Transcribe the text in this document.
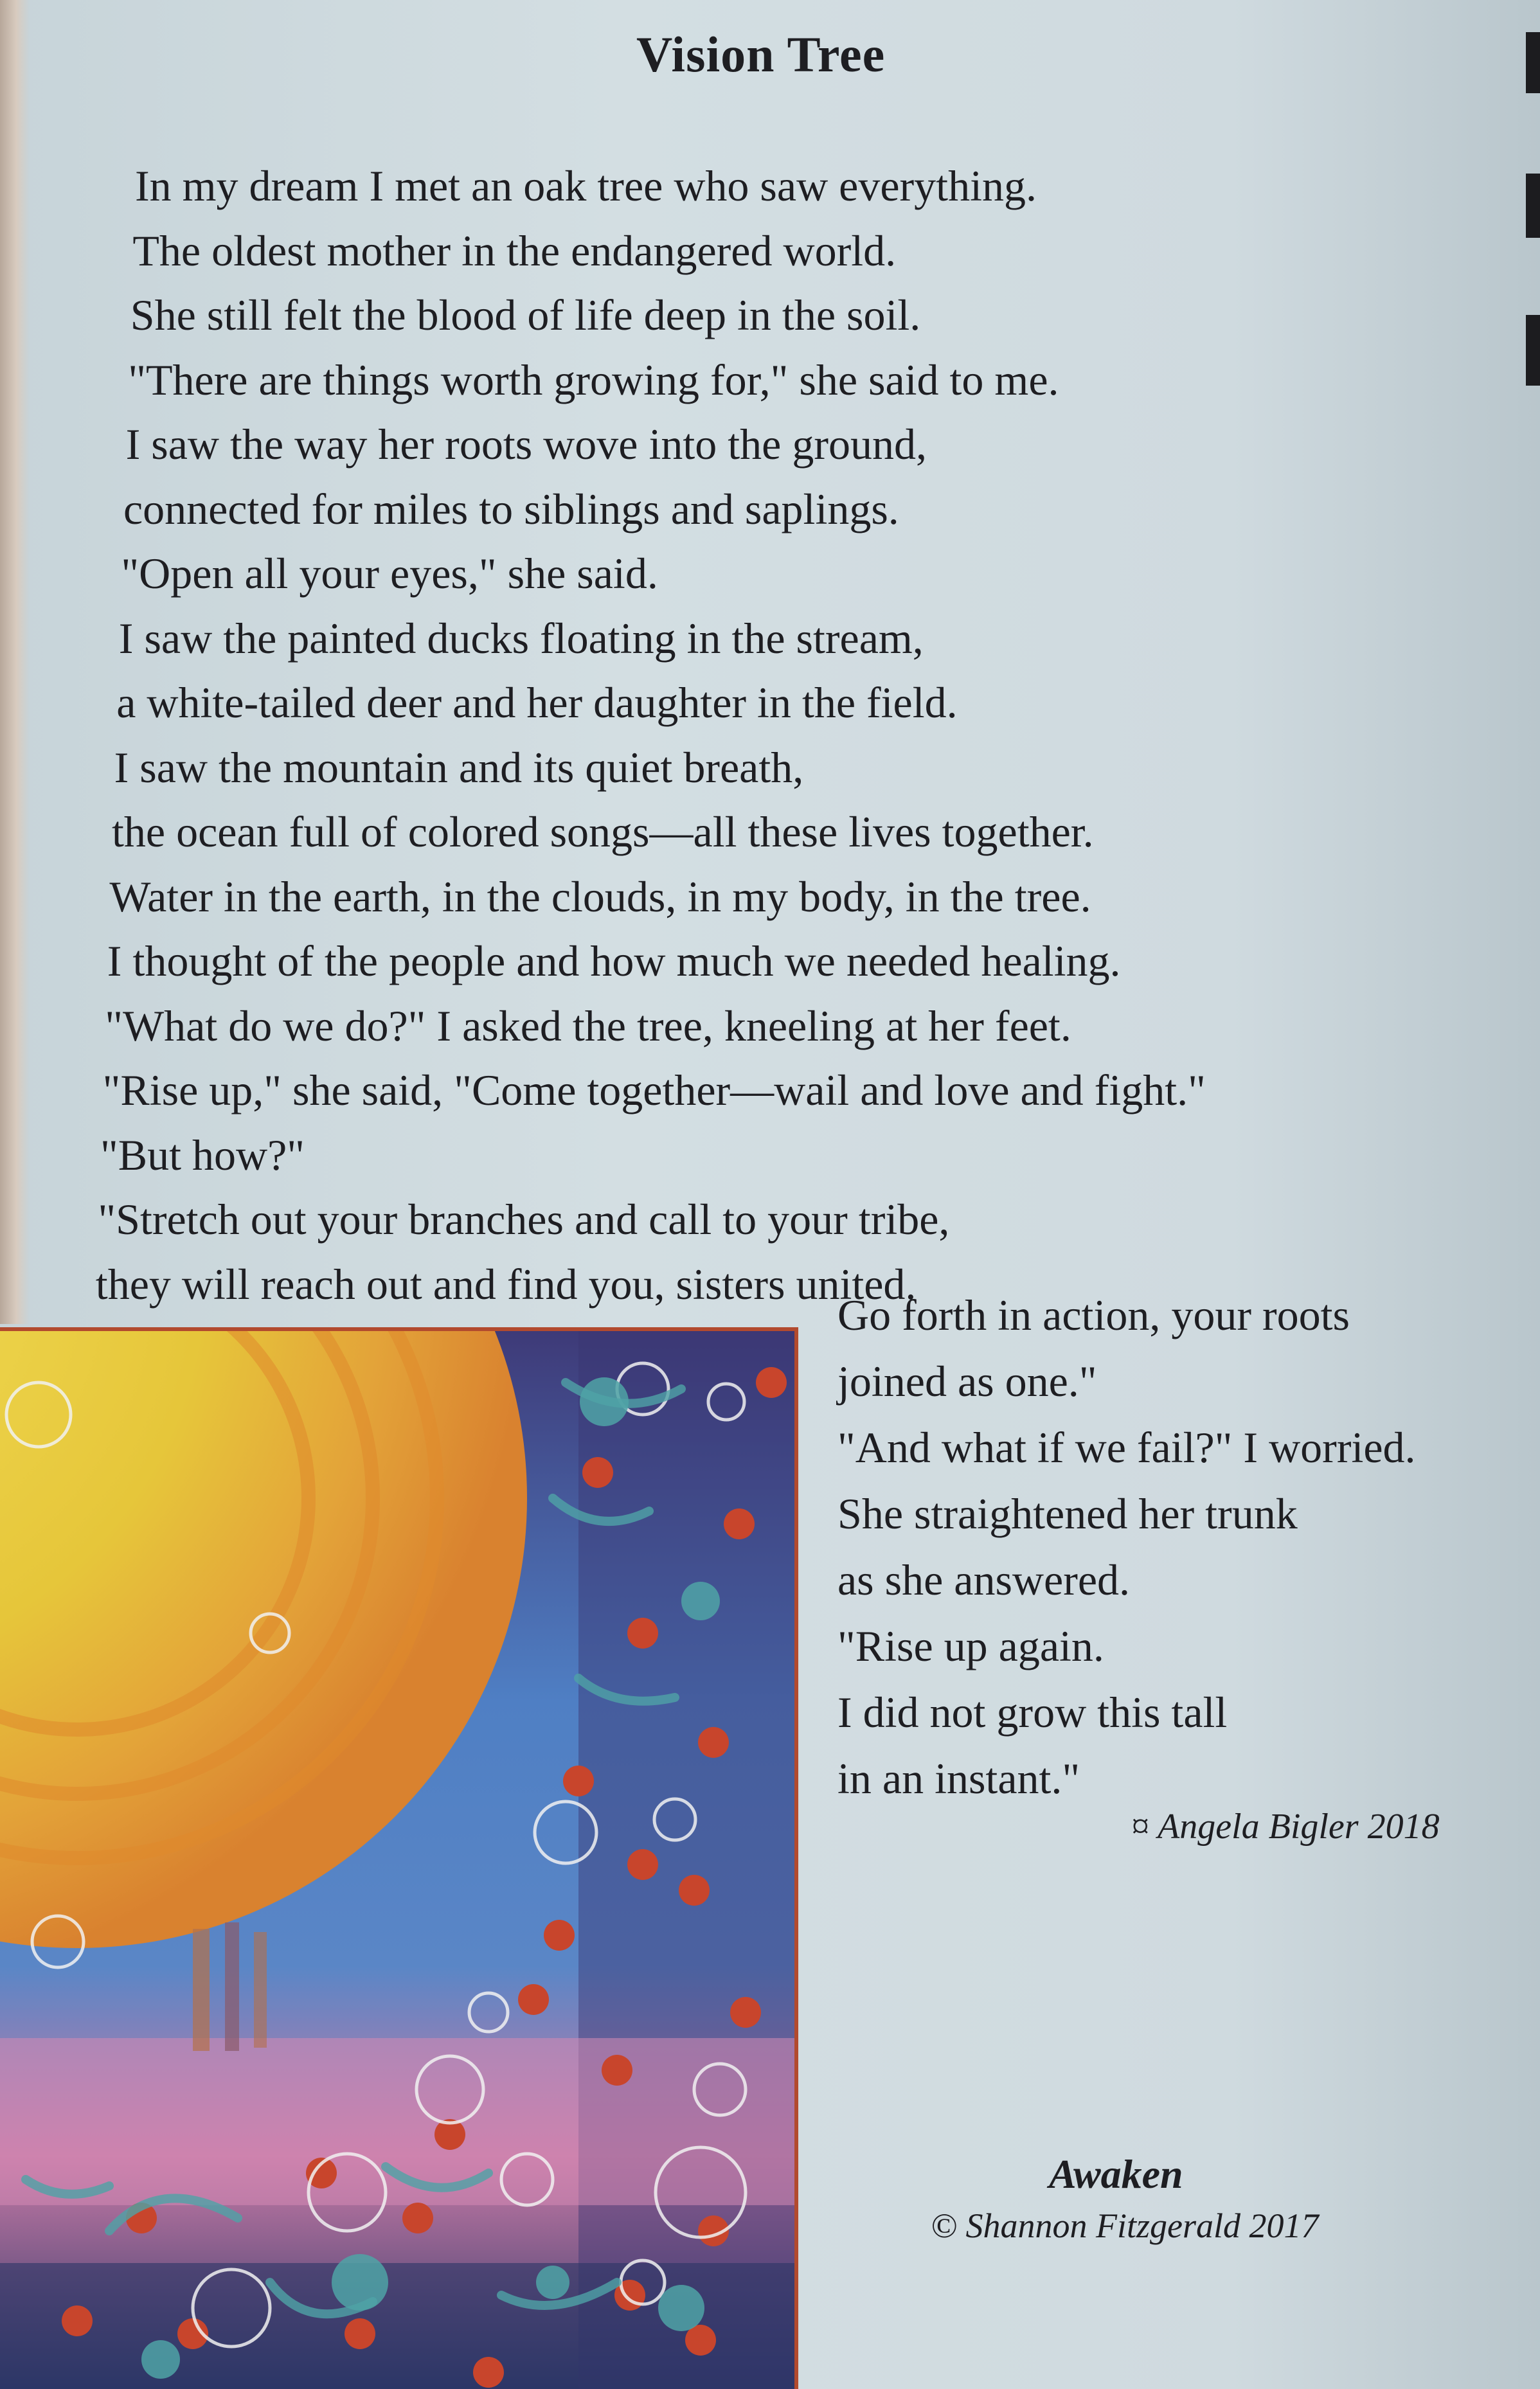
Vision Tree
In my dream I met an oak tree who saw everything.
The oldest mother in the endangered world.
She still felt the blood of life deep in the soil.
"There are things worth growing for," she said to me.
I saw the way her roots wove into the ground,
connected for miles to siblings and saplings.
"Open all your eyes," she said.
I saw the painted ducks floating in the stream,
a white-tailed deer and her daughter in the field.
I saw the mountain and its quiet breath,
the ocean full of colored songs—all these lives together.
Water in the earth, in the clouds, in my body, in the tree.
I thought of the people and how much we needed healing.
"What do we do?" I asked the tree, kneeling at her feet.
"Rise up," she said, "Come together—wail and love and fight."
"But how?"
"Stretch out your branches and call to your tribe,
they will reach out and find you, sisters united.
Go forth in action, your roots
joined as one."
"And what if we fail?" I worried.
She straightened her trunk
as she answered.
"Rise up again.
I did not grow this tall
in an instant."
¤ Angela Bigler 2018
Awaken
© Shannon Fitzgerald 2017
